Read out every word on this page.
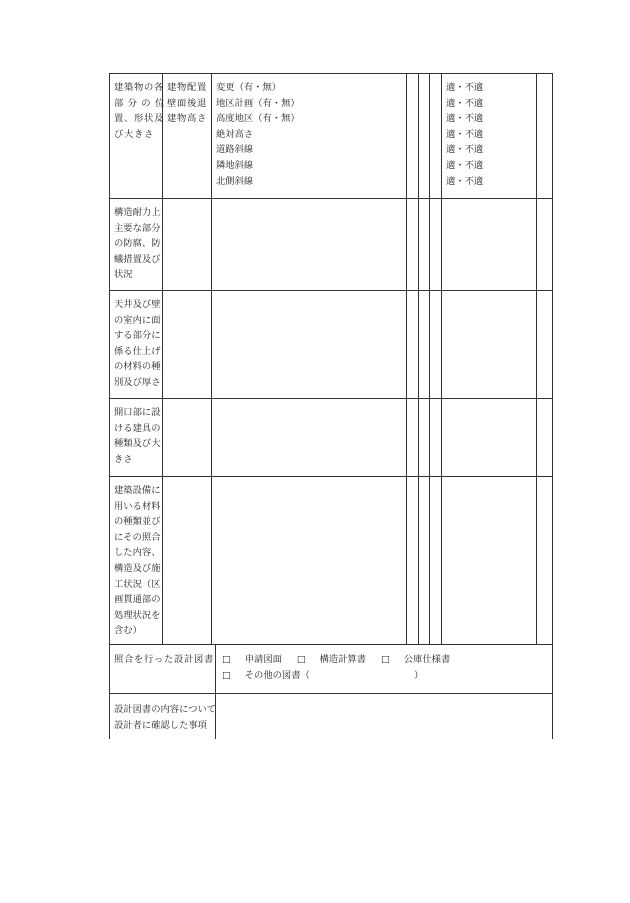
建築物の各
部 分 の 位
置、形状及
び大きさ
建物配置
壁面後退
建物高さ
変更（有・無）
地区計画（有・無）
高度地区（有・無）
絶対高さ
道路斜線
隣地斜線
北側斜線
適・不適
適・不適
適・不適
適・不適
適・不適
適・不適
適・不適
構造耐力上
主要な部分
の防腐、防
蟻措置及び
状況
天井及び壁
の室内に面
する部分に
係る仕上げ
の材料の種
別及び厚さ
開口部に設
ける建具の
種類及び大
きさ
建築設備に
用いる材料
の種類並び
にその照合
した内容、
構造及び施
工状況（区
画貫通部の
処理状況を
含む）
照合を行った設計図書 □ 申請図面 □ 構造計算書 □ 公庫仕様書
□ その他の図書（	）
設計図書の内容について
設計者に確認した事項
